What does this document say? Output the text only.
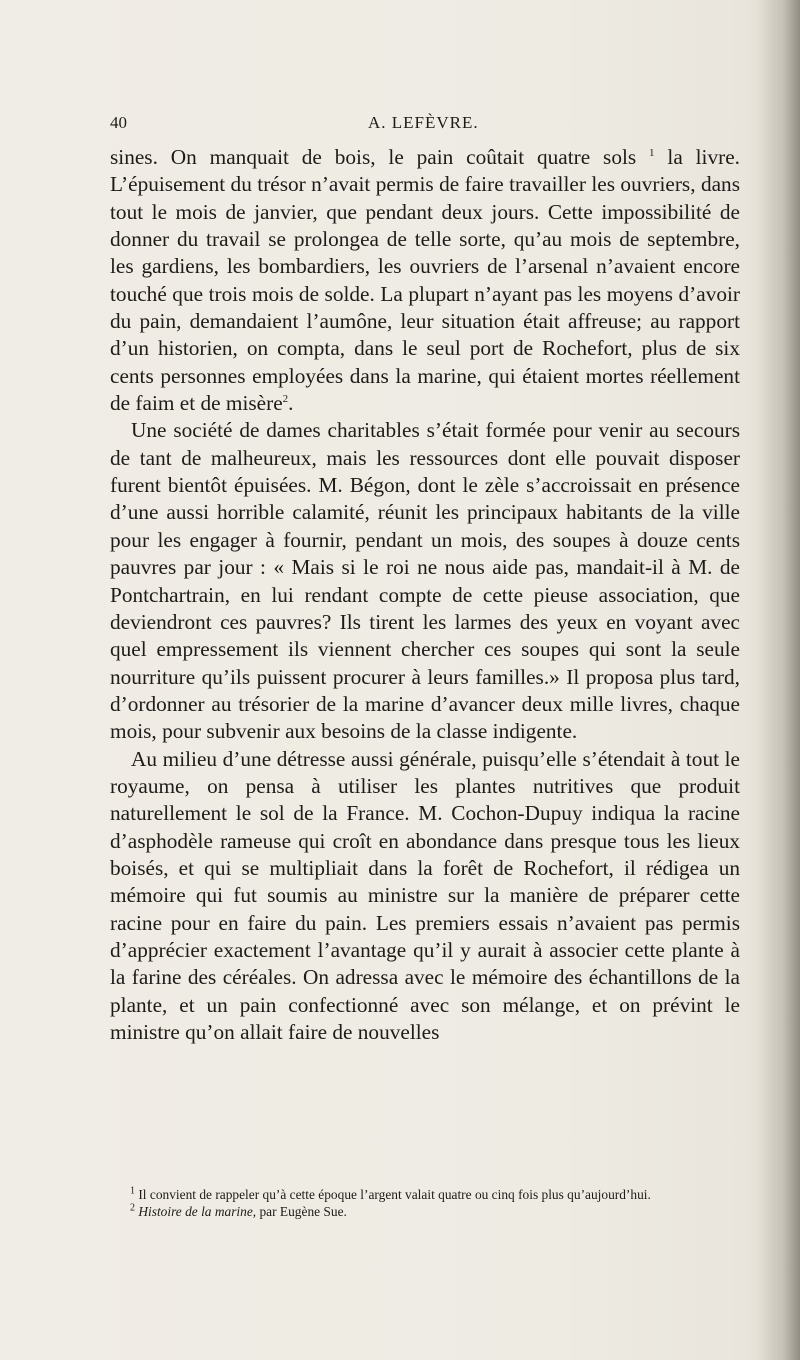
40	A. LEFÈVRE.

sines. On manquait de bois, le pain coûtait quatre sols $^1$ la livre. L’épuisement du trésor n’avait permis de faire travailler les ouvriers, dans tout le mois de janvier, que pendant deux jours. Cette impossibilité de donner du travail se prolongea de telle sorte, qu’au mois de septembre, les gardiens, les bombardiers, les ouvriers de l’arsenal n’avaient encore touché que trois mois de solde. La plupart n’ayant pas les moyens d’avoir du pain, demandaient l’aumône, leur situation était affreuse; au rapport d’un historien, on compta, dans le seul port de Rochefort, plus de six cents personnes employées dans la marine, qui étaient mortes réellement de faim et de misère$^2$.

Une société de dames charitables s’était formée pour venir au secours de tant de malheureux, mais les ressources dont elle pouvait disposer furent bientôt épuisées. M. Bégon, dont le zèle s’accroissait en présence d’une aussi horrible calamité, réunit les principaux habitants de la ville pour les engager à fournir, pendant un mois, des soupes à douze cents pauvres par jour : « Mais si le roi ne nous aide pas, mandait-il à M. de Pontchartrain, en lui rendant compte de cette pieuse association, que deviendront ces pauvres? Ils tirent les larmes des yeux en voyant avec quel empressement ils viennent chercher ces soupes qui sont la seule nourriture qu’ils puissent procurer à leurs familles.» Il proposa plus tard, d’ordonner au trésorier de la marine d’avancer deux mille livres, chaque mois, pour subvenir aux besoins de la classe indigente.

Au milieu d’une détresse aussi générale, puisqu’elle s’étendait à tout le royaume, on pensa à utiliser les plantes nutritives que produit naturellement le sol de la France. M. Cochon-Dupuy indiqua la racine d’asphodèle rameuse qui croît en abondance dans presque tous les lieux boisés, et qui se multipliait dans la forêt de Rochefort, il rédigea un mémoire qui fut soumis au ministre sur la manière de préparer cette racine pour en faire du pain. Les premiers essais n’avaient pas permis d’apprécier exactement l’avantage qu’il y aurait à associer cette plante à la farine des céréales. On adressa avec le mémoire des échantillons de la plante, et un pain confectionné avec son mélange, et on prévint le ministre qu’on allait faire de nouvelles

$^1$ Il convient de rappeler qu’à cette époque l’argent valait quatre ou cinq fois plus qu’aujourd’hui.

$^2$ Histoire de la marine, par Eugène Sue.
